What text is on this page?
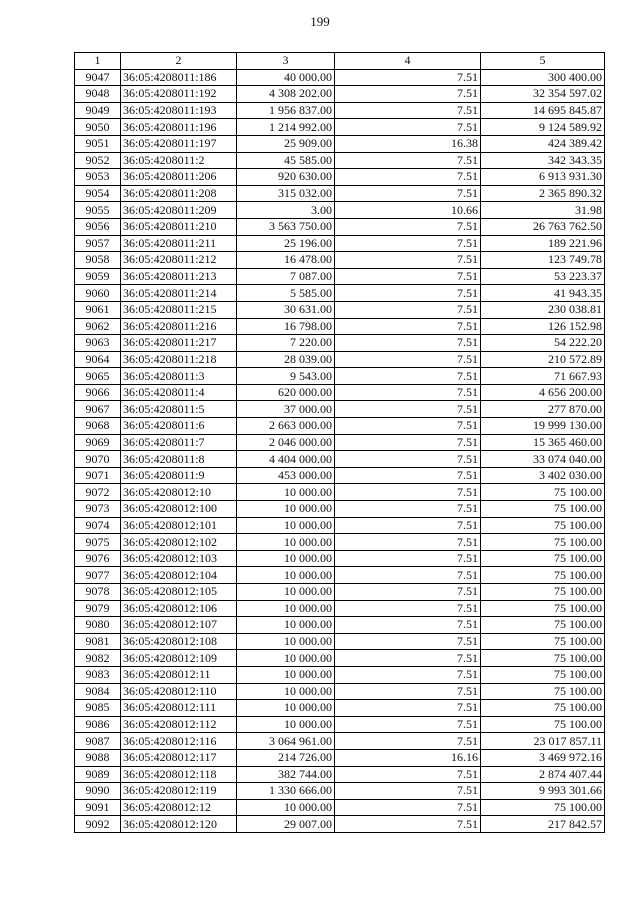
199
1	2	3	4	5
9047	36:05:4208011:186	40 000.00	7.51	300 400.00
9048	36:05:4208011:192	4 308 202.00	7.51	32 354 597.02
9049	36:05:4208011:193	1 956 837.00	7.51	14 695 845.87
9050	36:05:4208011:196	1 214 992.00	7.51	9 124 589.92
9051	36:05:4208011:197	25 909.00	16.38	424 389.42
9052	36:05:4208011:2	45 585.00	7.51	342 343.35
9053	36:05:4208011:206	920 630.00	7.51	6 913 931.30
9054	36:05:4208011:208	315 032.00	7.51	2 365 890.32
9055	36:05:4208011:209	3.00	10.66	31.98
9056	36:05:4208011:210	3 563 750.00	7.51	26 763 762.50
9057	36:05:4208011:211	25 196.00	7.51	189 221.96
9058	36:05:4208011:212	16 478.00	7.51	123 749.78
9059	36:05:4208011:213	7 087.00	7.51	53 223.37
9060	36:05:4208011:214	5 585.00	7.51	41 943.35
9061	36:05:4208011:215	30 631.00	7.51	230 038.81
9062	36:05:4208011:216	16 798.00	7.51	126 152.98
9063	36:05:4208011:217	7 220.00	7.51	54 222.20
9064	36:05:4208011:218	28 039.00	7.51	210 572.89
9065	36:05:4208011:3	9 543.00	7.51	71 667.93
9066	36:05:4208011:4	620 000.00	7.51	4 656 200.00
9067	36:05:4208011:5	37 000.00	7.51	277 870.00
9068	36:05:4208011:6	2 663 000.00	7.51	19 999 130.00
9069	36:05:4208011:7	2 046 000.00	7.51	15 365 460.00
9070	36:05:4208011:8	4 404 000.00	7.51	33 074 040.00
9071	36:05:4208011:9	453 000.00	7.51	3 402 030.00
9072	36:05:4208012:10	10 000.00	7.51	75 100.00
9073	36:05:4208012:100	10 000.00	7.51	75 100.00
9074	36:05:4208012:101	10 000.00	7.51	75 100.00
9075	36:05:4208012:102	10 000.00	7.51	75 100.00
9076	36:05:4208012:103	10 000.00	7.51	75 100.00
9077	36:05:4208012:104	10 000.00	7.51	75 100.00
9078	36:05:4208012:105	10 000.00	7.51	75 100.00
9079	36:05:4208012:106	10 000.00	7.51	75 100.00
9080	36:05:4208012:107	10 000.00	7.51	75 100.00
9081	36:05:4208012:108	10 000.00	7.51	75 100.00
9082	36:05:4208012:109	10 000.00	7.51	75 100.00
9083	36:05:4208012:11	10 000.00	7.51	75 100.00
9084	36:05:4208012:110	10 000.00	7.51	75 100.00
9085	36:05:4208012:111	10 000.00	7.51	75 100.00
9086	36:05:4208012:112	10 000.00	7.51	75 100.00
9087	36:05:4208012:116	3 064 961.00	7.51	23 017 857.11
9088	36:05:4208012:117	214 726.00	16.16	3 469 972.16
9089	36:05:4208012:118	382 744.00	7.51	2 874 407.44
9090	36:05:4208012:119	1 330 666.00	7.51	9 993 301.66
9091	36:05:4208012:12	10 000.00	7.51	75 100.00
9092	36:05:4208012:120	29 007.00	7.51	217 842.57
